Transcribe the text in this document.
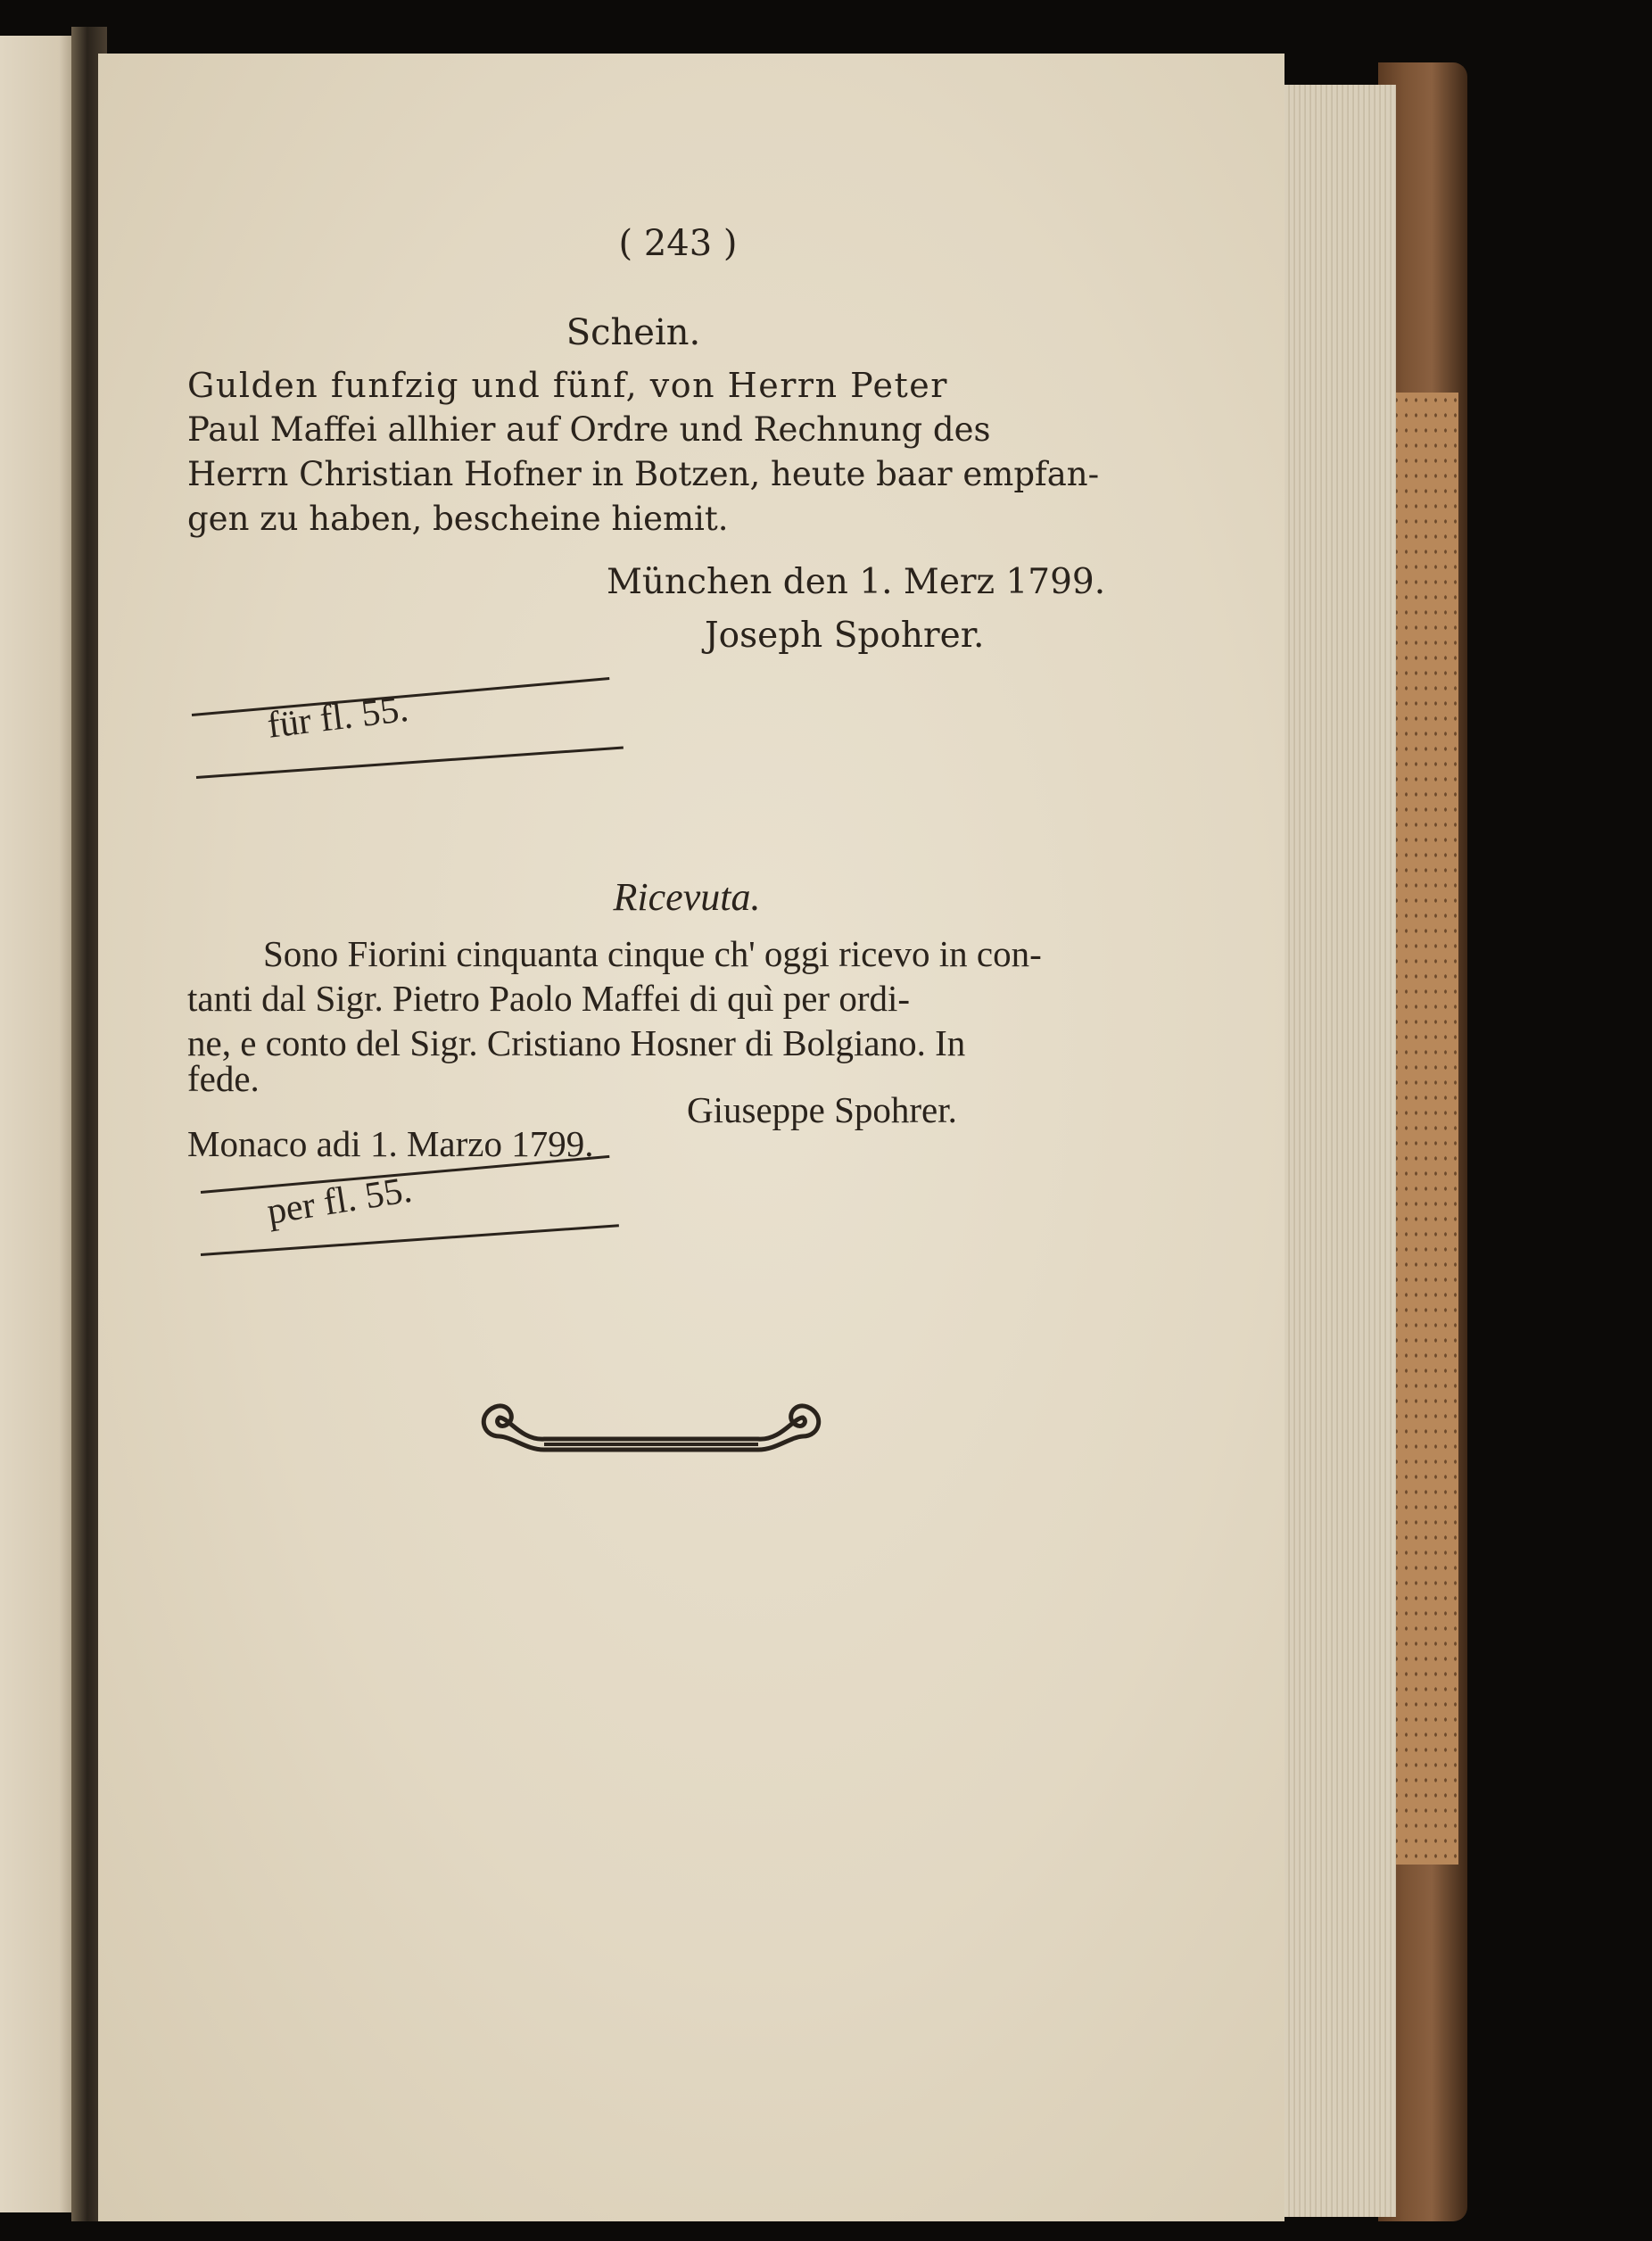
( 243 )
Schein.
Gulden funfzig und fünf, von Herrn Peter
Paul Maffei allhier auf Ordre und Rechnung des
Herrn Christian Hofner in Botzen, heute baar empfan-
gen zu haben, bescheine hiemit.
München den 1. Merz 1799.
Joseph Spohrer.
für fl. 55.
Ricevuta.
Sono Fiorini cinquanta cinque ch' oggi ricevo in con-
tanti dal Sigr. Pietro Paolo Maffei di quì per ordi-
ne, e conto del Sigr. Cristiano Hosner di Bolgiano. In
fede.
Giuseppe Spohrer.
Monaco adi 1. Marzo 1799.
per fl. 55.
